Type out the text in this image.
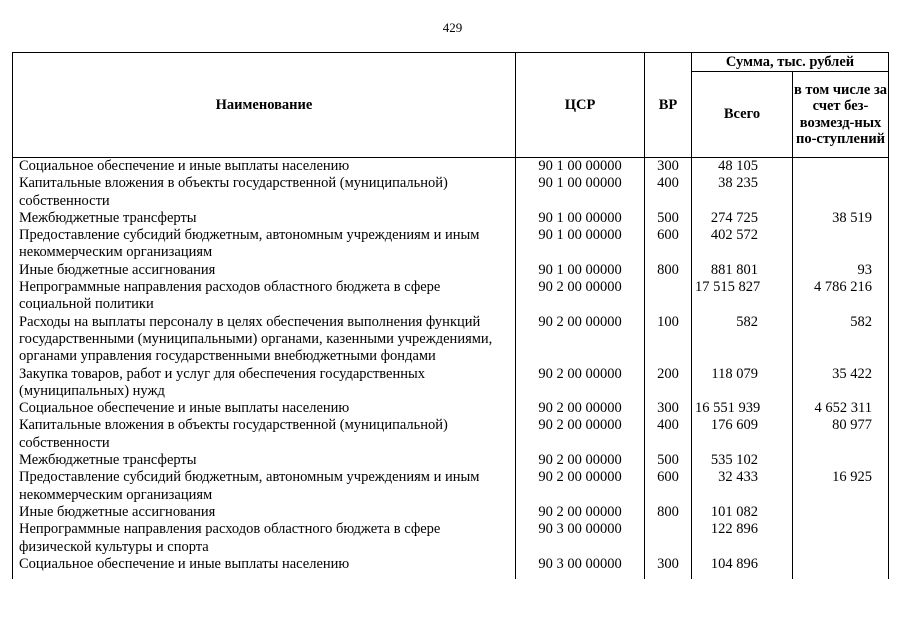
429
Наименование	ЦСР	ВР	Сумма, тыс. рублей	
			Всего	в том числе за счет без-возмезд-ных по-ступлений
Социальное обеспечение и иные выплаты населению	90 1 00 00000	300	48 105	
Капитальные вложения в объекты государственной (муниципальной) собственности	90 1 00 00000	400	38 235	
Межбюджетные трансферты	90 1 00 00000	500	274 725	38 519
Предоставление субсидий бюджетным, автономным учреждениям и иным некоммерческим организациям	90 1 00 00000	600	402 572	
Иные бюджетные ассигнования	90 1 00 00000	800	881 801	93
Непрограммные направления расходов областного бюджета в сфере социальной политики	90 2 00 00000		17 515 827	4 786 216
Расходы на выплаты персоналу в целях обеспечения выполнения функций государственными (муниципальными) органами, казенными учреждениями, органами управления государственными внебюджетными фондами	90 2 00 00000	100	582	582
Закупка товаров, работ и услуг для обеспечения государственных (муниципальных) нужд	90 2 00 00000	200	118 079	35 422
Социальное обеспечение и иные выплаты населению	90 2 00 00000	300	16 551 939	4 652 311
Капитальные вложения в объекты государственной (муниципальной) собственности	90 2 00 00000	400	176 609	80 977
Межбюджетные трансферты	90 2 00 00000	500	535 102	
Предоставление субсидий бюджетным, автономным учреждениям и иным некоммерческим организациям	90 2 00 00000	600	32 433	16 925
Иные бюджетные ассигнования	90 2 00 00000	800	101 082	
Непрограммные направления расходов областного бюджета в сфере физической культуры и спорта	90 3 00 00000		122 896	
Социальное обеспечение и иные выплаты населению	90 3 00 00000	300	104 896	
